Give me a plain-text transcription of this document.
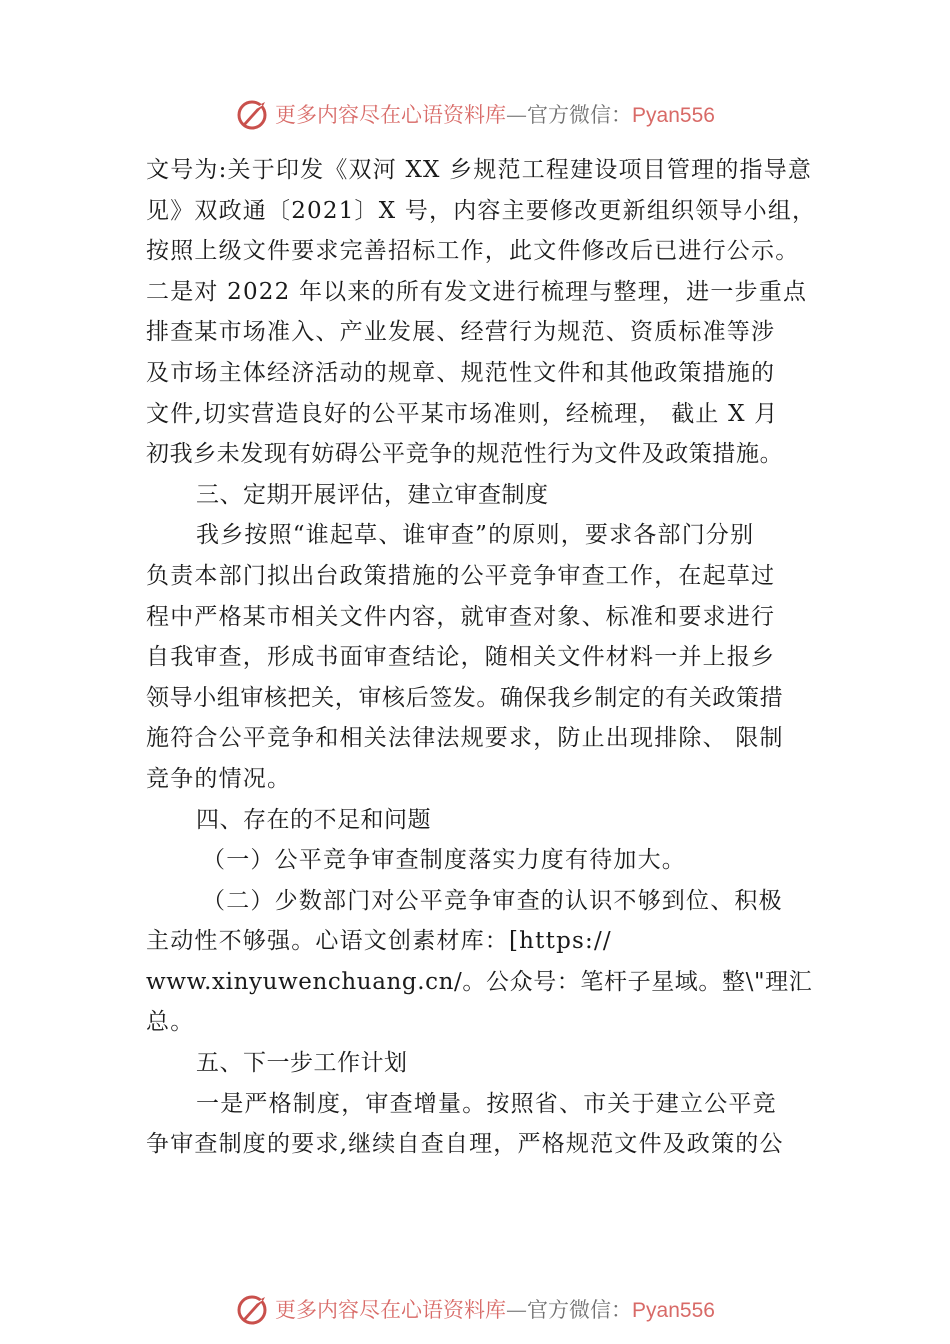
更多内容尽在心语资料库—官方微信：Pyan556
文号为:关于印发《双河 XX 乡规范工程建设项目管理的指导意
见》双政通〔2021〕X 号，内容主要修改更新组织领导小组，
按照上级文件要求完善招标工作，此文件修改后已进行公示。
二是对 2022 年以来的所有发文进行梳理与整理，进一步重点
排查某市场准入、产业发展、经营行为规范、资质标准等涉
及市场主体经济活动的规章、规范性文件和其他政策措施的
文件,切实营造良好的公平某市场准则，经梳理， 截止 X 月
初我乡未发现有妨碍公平竞争的规范性行为文件及政策措施。
三、定期开展评估，建立审查制度
我乡按照“谁起草、谁审查”的原则，要求各部门分别
负责本部门拟出台政策措施的公平竞争审查工作，在起草过
程中严格某市相关文件内容，就审查对象、标准和要求进行
自我审查，形成书面审查结论，随相关文件材料一并上报乡
领导小组审核把关，审核后签发。确保我乡制定的有关政策措
施符合公平竞争和相关法律法规要求，防止出现排除、 限制
竞争的情况。
四、存在的不足和问题
（一）公平竞争审查制度落实力度有待加大。
（二）少数部门对公平竞争审查的认识不够到位、积极
主动性不够强。心语文创素材库：[https://
www.xinyuwenchuang.cn/。公众号：笔杆子星域。整\"理汇
总。
五、下一步工作计划
一是严格制度，审查增量。按照省、市关于建立公平竞
争审查制度的要求,继续自查自理，严格规范文件及政策的公
更多内容尽在心语资料库—官方微信：Pyan556
